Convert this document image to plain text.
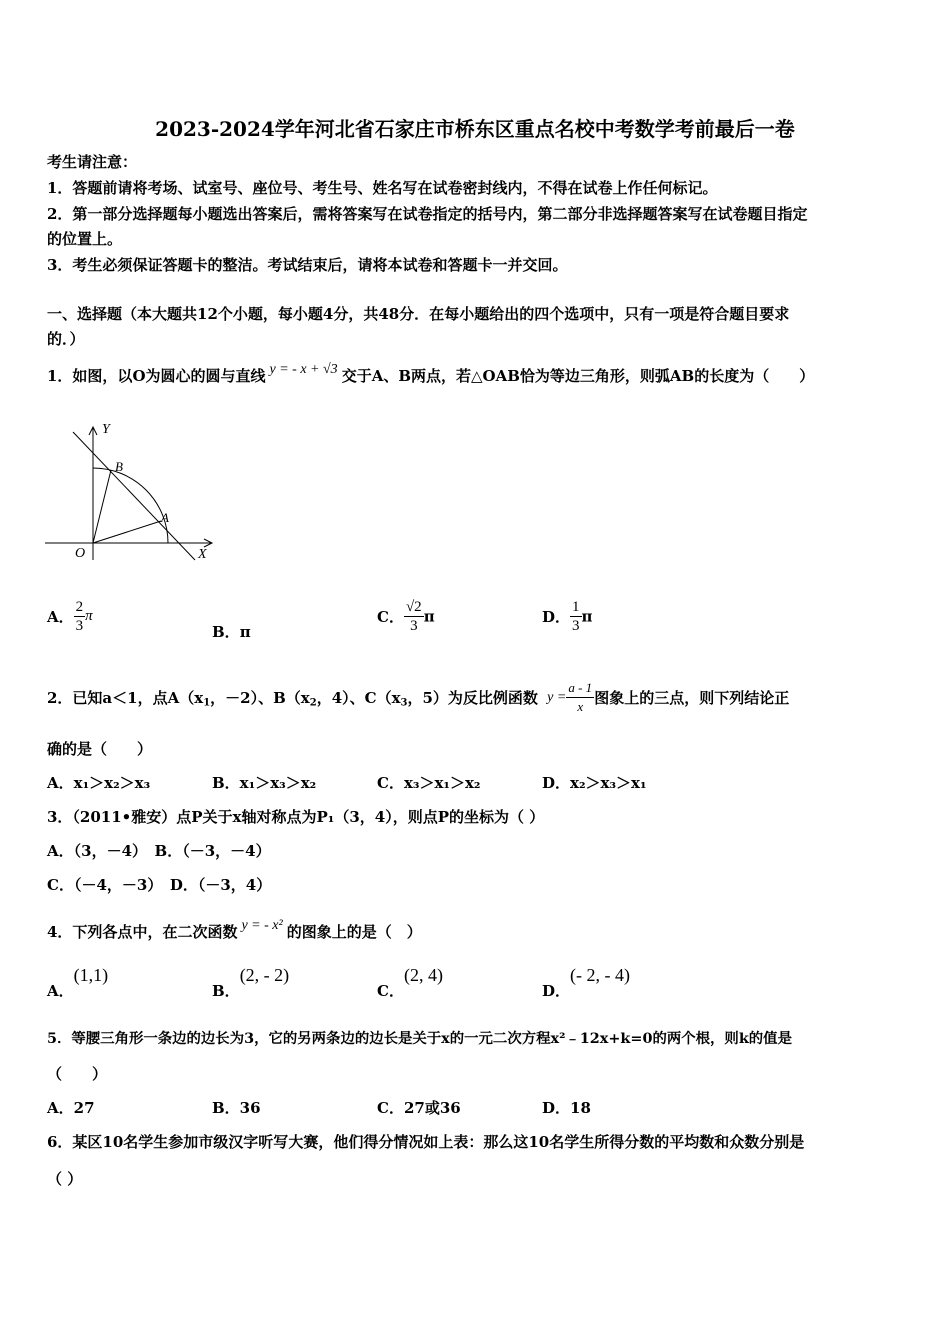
2023-2024学年河北省石家庄市桥东区重点名校中考数学考前最后一卷
考生请注意：
1．答题前请将考场、试室号、座位号、考生号、姓名写在试卷密封线内，不得在试卷上作任何标记。
2．第一部分选择题每小题选出答案后，需将答案写在试卷指定的括号内，第二部分非选择题答案写在试卷题目指定
的位置上。
3．考生必须保证答题卡的整洁。考试结束后，请将本试卷和答题卡一并交回。
一、选择题（本大题共12个小题，每小题4分，共48分．在每小题给出的四个选项中，只有一项是符合题目要求
的．）
1．如图，以O为圆心的圆与直线 y = - x + √3 交于A、B两点，若△OAB恰为等边三角形，则弧AB的长度为（　　）
Y
X
O
B
A
A． $\frac{2}{3}$ π
B．π
C． $\frac{√2}{3}$ π	D． $\frac{1}{3}$ π
2．已知a＜1，点$A(x_1$，－2）、$B(x_2$，4）、$C(x_3$，5）为反比例函数 $y = \frac{a - 1}{x}$ 图象上的三点，则下列结论正
确的是（　　）
A．x₁＞x₂＞x₃	B．x₁＞x₃＞x₂	C．x₃＞x₁＞x₂	D．x₂＞x₃＞x₁
3．（2011•雅安）点P关于x轴对称点为P₁（3，4），则点P的坐标为（ ）
A．（3，－4）　B．（－3，－4）
C．（－4，－3）　D．（－3，4）
4．下列各点中，在二次函数 y = - x² 的图象上的是（　）
A．(1,1)
B．(2, - 2)
C．(2, 4)
D．(- 2, - 4)
5．等腰三角形一条边的边长为3，它的另两条边的边长是关于x的一元二次方程x²﹣12x+k=0的两个根，则k的值是
（　　）
A．27	B．36	C．27或36	D．18
6．某区10名学生参加市级汉字听写大赛，他们得分情况如上表：那么这10名学生所得分数的平均数和众数分别是
（ ）
